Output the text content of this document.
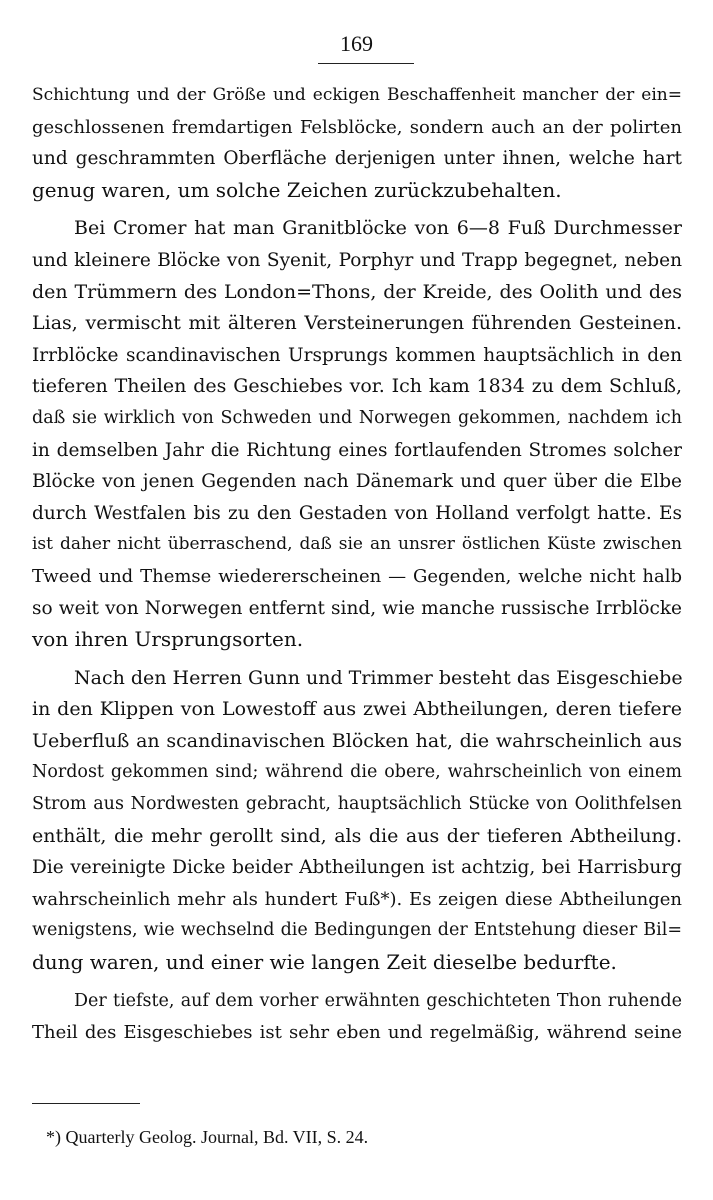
169
Schichtung und der Größe und eckigen Beschaffenheit mancher der ein=
geschlossenen fremdartigen Felsblöcke, sondern auch an der polirten
und geschrammten Oberfläche derjenigen unter ihnen, welche hart
genug waren, um solche Zeichen zurückzubehalten.
Bei Cromer hat man Granitblöcke von 6—8 Fuß Durchmesser
und kleinere Blöcke von Syenit, Porphyr und Trapp begegnet, neben
den Trümmern des London=Thons, der Kreide, des Oolith und des
Lias, vermischt mit älteren Versteinerungen führenden Gesteinen.
Irrblöcke scandinavischen Ursprungs kommen hauptsächlich in den
tieferen Theilen des Geschiebes vor. Ich kam 1834 zu dem Schluß,
daß sie wirklich von Schweden und Norwegen gekommen, nachdem ich
in demselben Jahr die Richtung eines fortlaufenden Stromes solcher
Blöcke von jenen Gegenden nach Dänemark und quer über die Elbe
durch Westfalen bis zu den Gestaden von Holland verfolgt hatte. Es
ist daher nicht überraschend, daß sie an unsrer östlichen Küste zwischen
Tweed und Themse wiedererscheinen — Gegenden, welche nicht halb
so weit von Norwegen entfernt sind, wie manche russische Irrblöcke
von ihren Ursprungsorten.
Nach den Herren Gunn und Trimmer besteht das Eisgeschiebe
in den Klippen von Lowestoff aus zwei Abtheilungen, deren tiefere
Ueberfluß an scandinavischen Blöcken hat, die wahrscheinlich aus
Nordost gekommen sind; während die obere, wahrscheinlich von einem
Strom aus Nordwesten gebracht, hauptsächlich Stücke von Oolithfelsen
enthält, die mehr gerollt sind, als die aus der tieferen Abtheilung.
Die vereinigte Dicke beider Abtheilungen ist achtzig, bei Harrisburg
wahrscheinlich mehr als hundert Fuß*). Es zeigen diese Abtheilungen
wenigstens, wie wechselnd die Bedingungen der Entstehung dieser Bil=
dung waren, und einer wie langen Zeit dieselbe bedurfte.
Der tiefste, auf dem vorher erwähnten geschichteten Thon ruhende
Theil des Eisgeschiebes ist sehr eben und regelmäßig, während seine
*) Quarterly Geolog. Journal, Bd. VII, S. 24.
